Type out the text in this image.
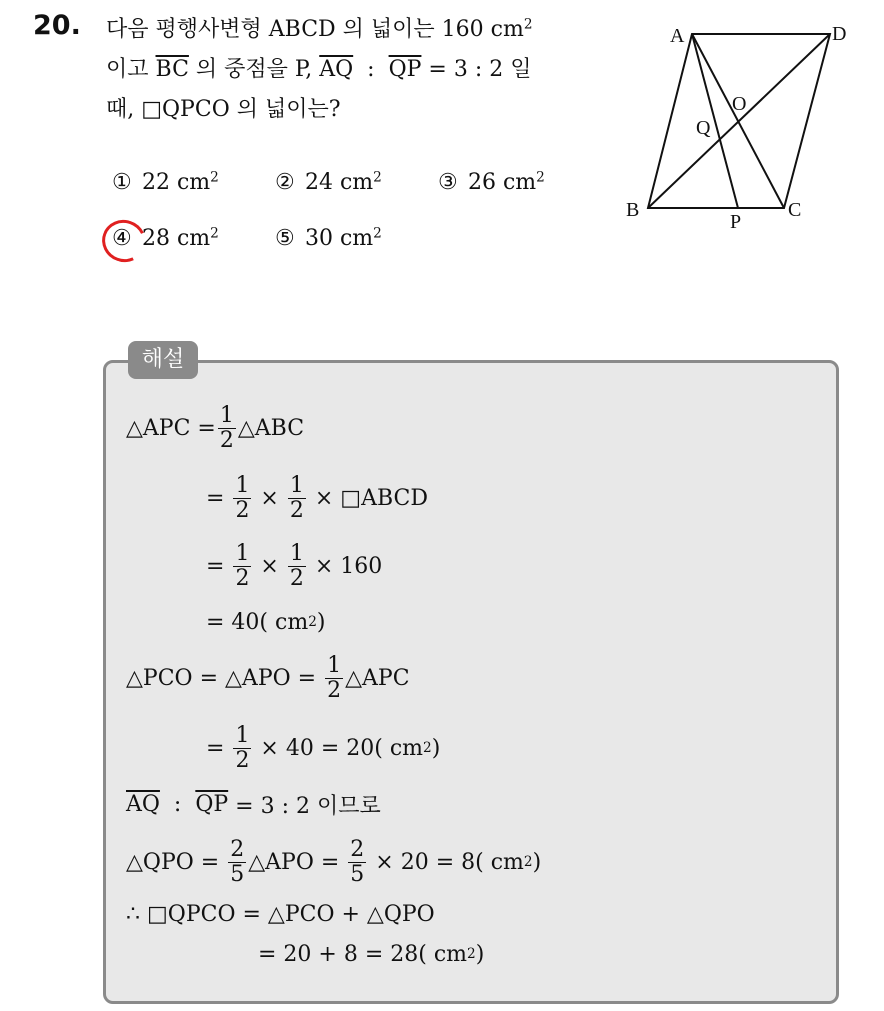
20. 다음 평행사변형 ABCD 의 넓이는 160 $cm^2$
이고 $\overline{BC}$ 의 중점을 P, $\overline{AQ}$  :  $\overline{QP} = 3$ : 2 일
때, □QPCO 의 넓이는?
① 22 $cm^2$	② 24 $cm^2$	③ 26 $cm^2$
④ 28 $cm^2$	⑤ 30 $cm^2$
A	D
B	C
P
O
Q
해설
△APC = $\frac{1}{2}$ △ABC
= $\frac{1}{2} \times \frac{1}{2}$ × □ABCD
= $\frac{1}{2} \times \frac{1}{2} \times 160$
= 40( cm 2 )
△PCO = △APO = $\frac{1}{2}$ △APC
= $\frac{1}{2} \times 40 = 20$( cm 2 )
$\overline{AQ}$ : $\overline{QP} = 3$ : 2 이므로
△QPO = $\frac{2}{5}$ △APO = $\frac{2}{5} \times 20 = 8$( cm 2 )
∴ □QPCO = △PCO + △QPO
= 20 + 8 = 28( cm 2 )
